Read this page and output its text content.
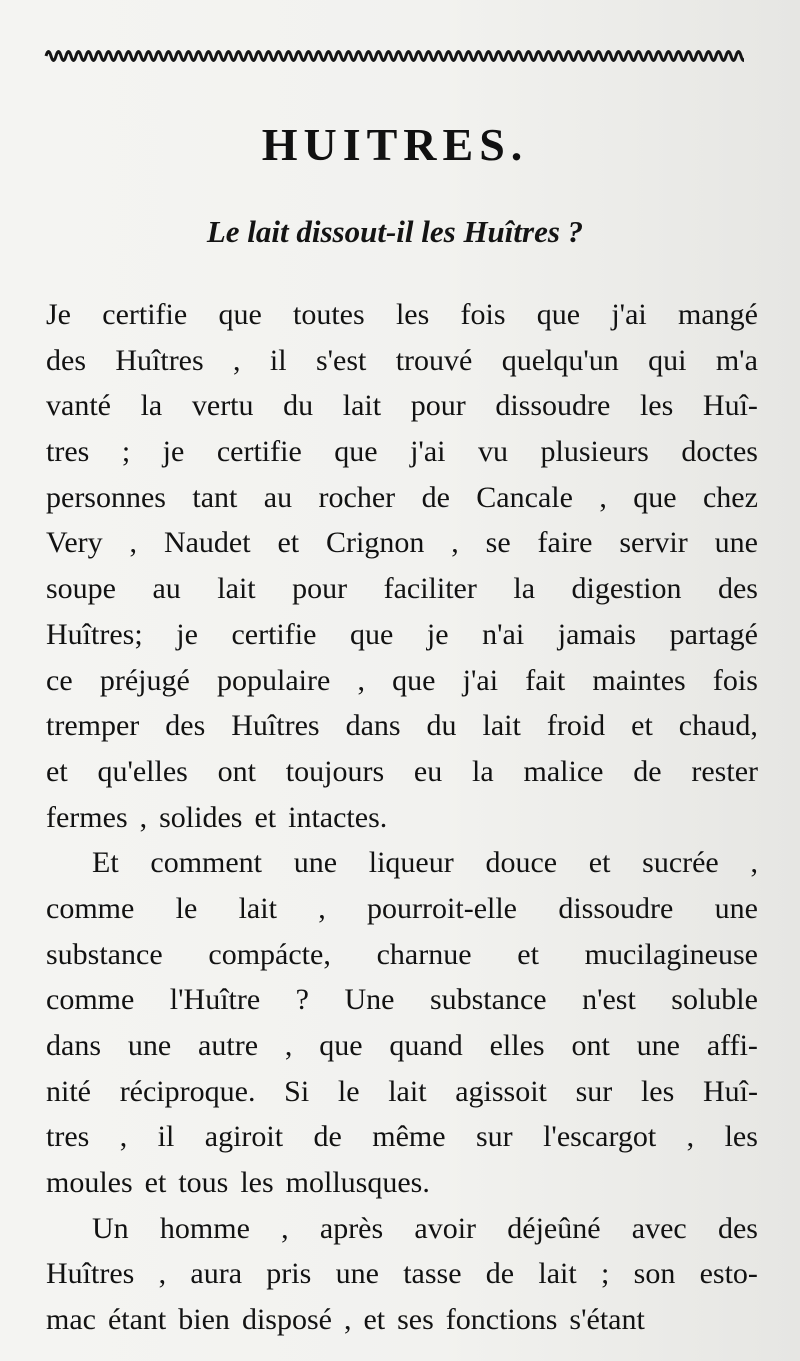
HUITRES.
Le lait dissout-il les Huîtres ?
Je certifie que toutes les fois que j'ai mangé
des Huîtres , il s'est trouvé quelqu'un qui m'a
vanté la vertu du lait pour dissoudre les Huî-
tres ; je certifie que j'ai vu plusieurs doctes
personnes tant au rocher de Cancale , que chez
Very , Naudet et Crignon , se faire servir une
soupe au lait pour faciliter la digestion des
Huîtres; je certifie que je n'ai jamais partagé
ce préjugé populaire , que j'ai fait maintes fois
tremper des Huîtres dans du lait froid et chaud,
et qu'elles ont toujours eu la malice de rester
fermes , solides et intactes.
Et comment une liqueur douce et sucrée ,
comme le lait , pourroit-elle dissoudre une
substance compácte, charnue et mucilagineuse
comme l'Huître ? Une substance n'est soluble
dans une autre , que quand elles ont une affi-
nité réciproque. Si le lait agissoit sur les Huî-
tres , il agiroit de même sur l'escargot , les
moules et tous les mollusques.
Un homme , après avoir déjeûné avec des
Huîtres , aura pris une tasse de lait ; son esto-
mac étant bien disposé , et ses fonctions s'étant
